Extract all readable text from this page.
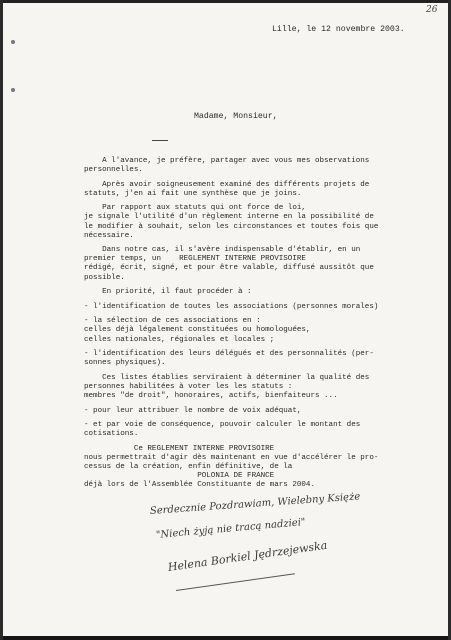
26
Lille, le 12 novembre 2003.
Madame, Monsieur,
A l'avance, je préfère, partager avec vous mes observations
personnelles.
Après avoir soigneusement examiné des différents projets de
statuts, j'en ai fait une synthèse que je joins.
Par rapport aux statuts qui ont force de loi,
je signale l'utilité d'un règlement interne en la possibilité de
le modifier à souhait, selon les circonstances et toutes fois que
nécessaire.
Dans notre cas, il s'avère indispensable d'établir, en un
premier temps, un    REGLEMENT INTERNE PROVISOIRE
rédigé, écrit, signé, et pour être valable, diffusé aussitôt que
possible.
En priorité, il faut procéder à :
- l'identification de toutes les associations (personnes morales)
- la sélection de ces associations en :
celles déjà légalement constituées ou homologuées,
celles nationales, régionales et locales ;
- l'identification des leurs délégués et des personnalités (per-
sonnes physiques).
Ces listes établies serviraient à déterminer la qualité des
personnes habilitées à voter les les statuts :
membres "de droit", honoraires, actifs, bienfaiteurs ...
- pour leur attribuer le nombre de voix adéquat,
- et par voie de conséquence, pouvoir calculer le montant des
cotisations.
Ce REGLEMENT INTERNE PROVISOIRE
nous permettrait d'agir dès maintenant en vue d'accélérer le pro-
cessus de la création, enfin définitive, de la
POLONIA DE FRANCE
déjà lors de l'Assemblée Constituante de mars 2004.
Serdecznie Pozdrawiam, Wielebny Księże
"Niech żyją nie tracą nadziei"
Helena Borkiel Jędrzejewska
